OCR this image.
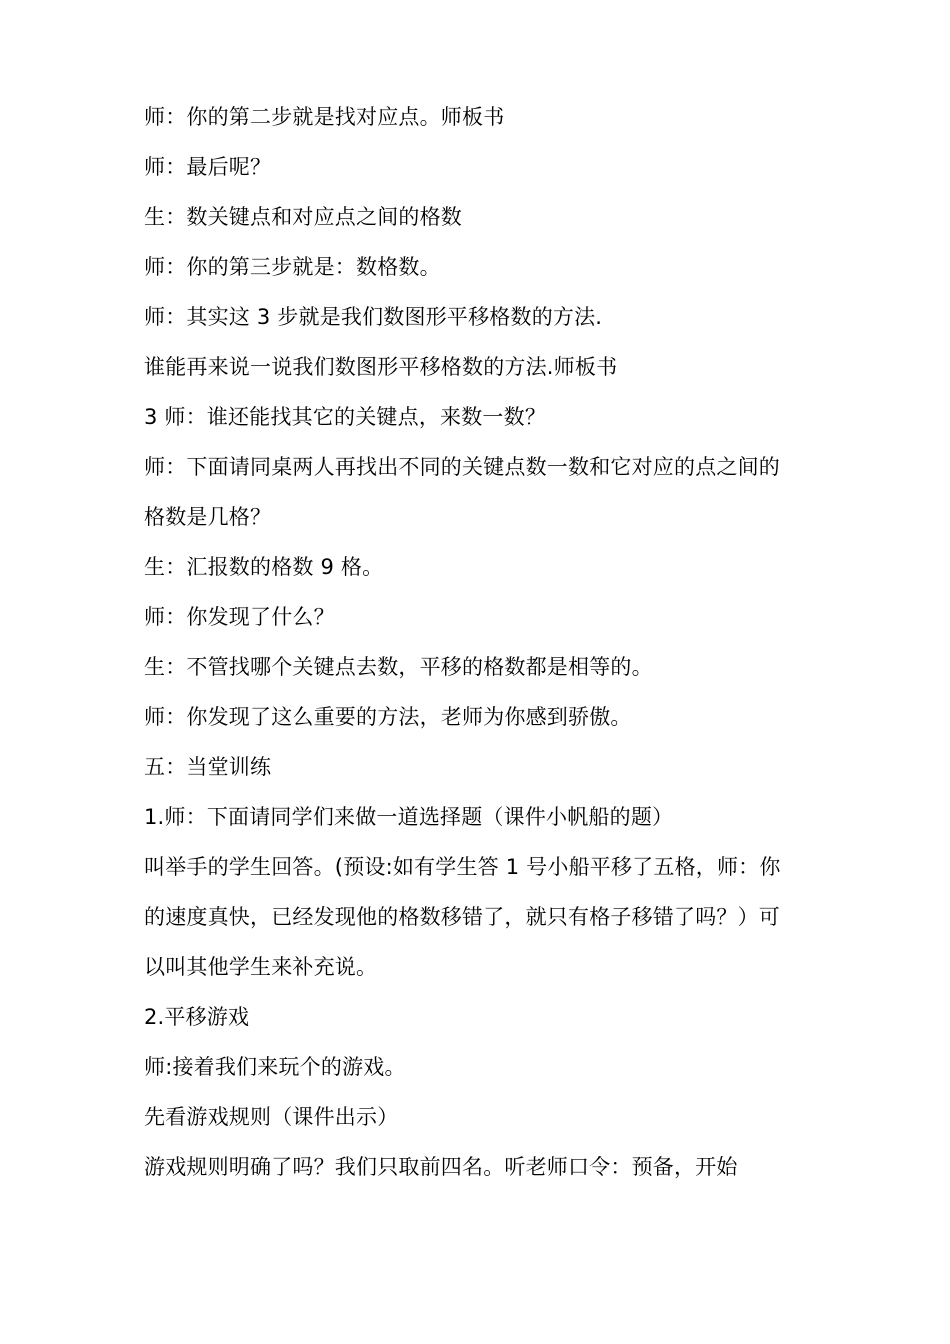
师：你的第二步就是找对应点。师板书
师：最后呢？
生：数关键点和对应点之间的格数
师：你的第三步就是：数格数。
师：其实这 3 步就是我们数图形平移格数的方法.
谁能再来说一说我们数图形平移格数的方法.师板书
3 师：谁还能找其它的关键点，来数一数？
师：下面请同桌两人再找出不同的关键点数一数和它对应的点之间的
格数是几格？
生：汇报数的格数 9 格。
师：你发现了什么？
生：不管找哪个关键点去数，平移的格数都是相等的。
师：你发现了这么重要的方法，老师为你感到骄傲。
五：当堂训练
1.师：下面请同学们来做一道选择题（课件小帆船的题）
叫举手的学生回答。(预设:如有学生答 1 号小船平移了五格，师：你
的速度真快，已经发现他的格数移错了，就只有格子移错了吗？）可
以叫其他学生来补充说。
2.平移游戏
师:接着我们来玩个的游戏。
先看游戏规则（课件出示）
游戏规则明确了吗？我们只取前四名。听老师口令：预备，开始
